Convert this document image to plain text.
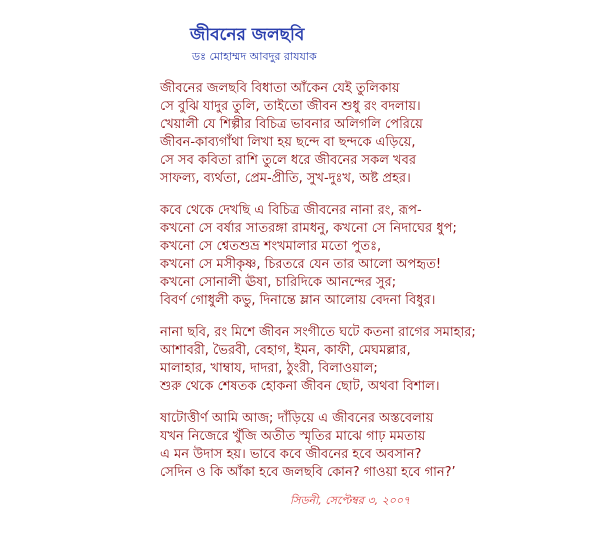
জীবনের জলছবি

ডঃ মোহাম্মদ আবদুর রাযযাক

জীবনের জলছবি বিধাতা আঁকেন যেই তুলিকায়
সে বুঝি যাদুর তুলি, তাইতো জীবন শুধু রং বদলায়।
খেয়ালী যে শিল্পীর বিচিত্র ভাবনার অলিগলি পেরিয়ে
জীবন-কাব্যগাঁথা লিখা হয় ছন্দে বা ছন্দকে এড়িয়ে,
সে সব কবিতা রাশি তুলে ধরে জীবনের সকল খবর
সাফল্য, ব্যর্থতা, প্রেম-প্রীতি, সুখ-দুঃখ, অষ্ট প্রহর।
কবে থেকে দেখছি এ বিচিত্র জীবনের নানা রং, রূপ-
কখনো সে বর্ষার সাতরঙ্গা রামধনু, কখনো সে নিদাঘের ধুপ;
কখনো সে শ্বেতশুভ্র শংখমালার মতো পুতঃ,
কখনো সে মসীকৃষ্ণ, চিরতরে যেন তার আলো অপহৃত!
কখনো সোনালী ঊষা, চারিদিকে আনন্দের সুর;
বিবর্ণ গোধুলী কভু, দিনান্তে ম্লান আলোয় বেদনা বিধুর।
নানা ছবি, রং মিশে জীবন সংগীতে ঘটে কতনা রাগের সমাহার;
আশাবরী, ভৈরবী, বেহাগ, ইমন, কাফী, মেঘমল্লার,
মালাহার, খাম্বায, দাদরা, ঠুংরী, বিলাওয়াল;
শুরু থেকে শেষতক হোকনা জীবন ছোট, অথবা বিশাল।
ষাটোত্তীর্ণ আমি আজ; দাঁড়িয়ে এ জীবনের অস্তবেলায়
যখন নিজেরে খুঁজি অতীত স্মৃতির মাঝে গাঢ় মমতায়
এ মন উদাস হয়। ভাবে কবে জীবনের হবে অবসান?
সেদিন ও কি আঁকা হবে জলছবি কোন? গাওয়া হবে গান?’

সিডনী, সেপ্টেম্বর ৩, ২০০৭
